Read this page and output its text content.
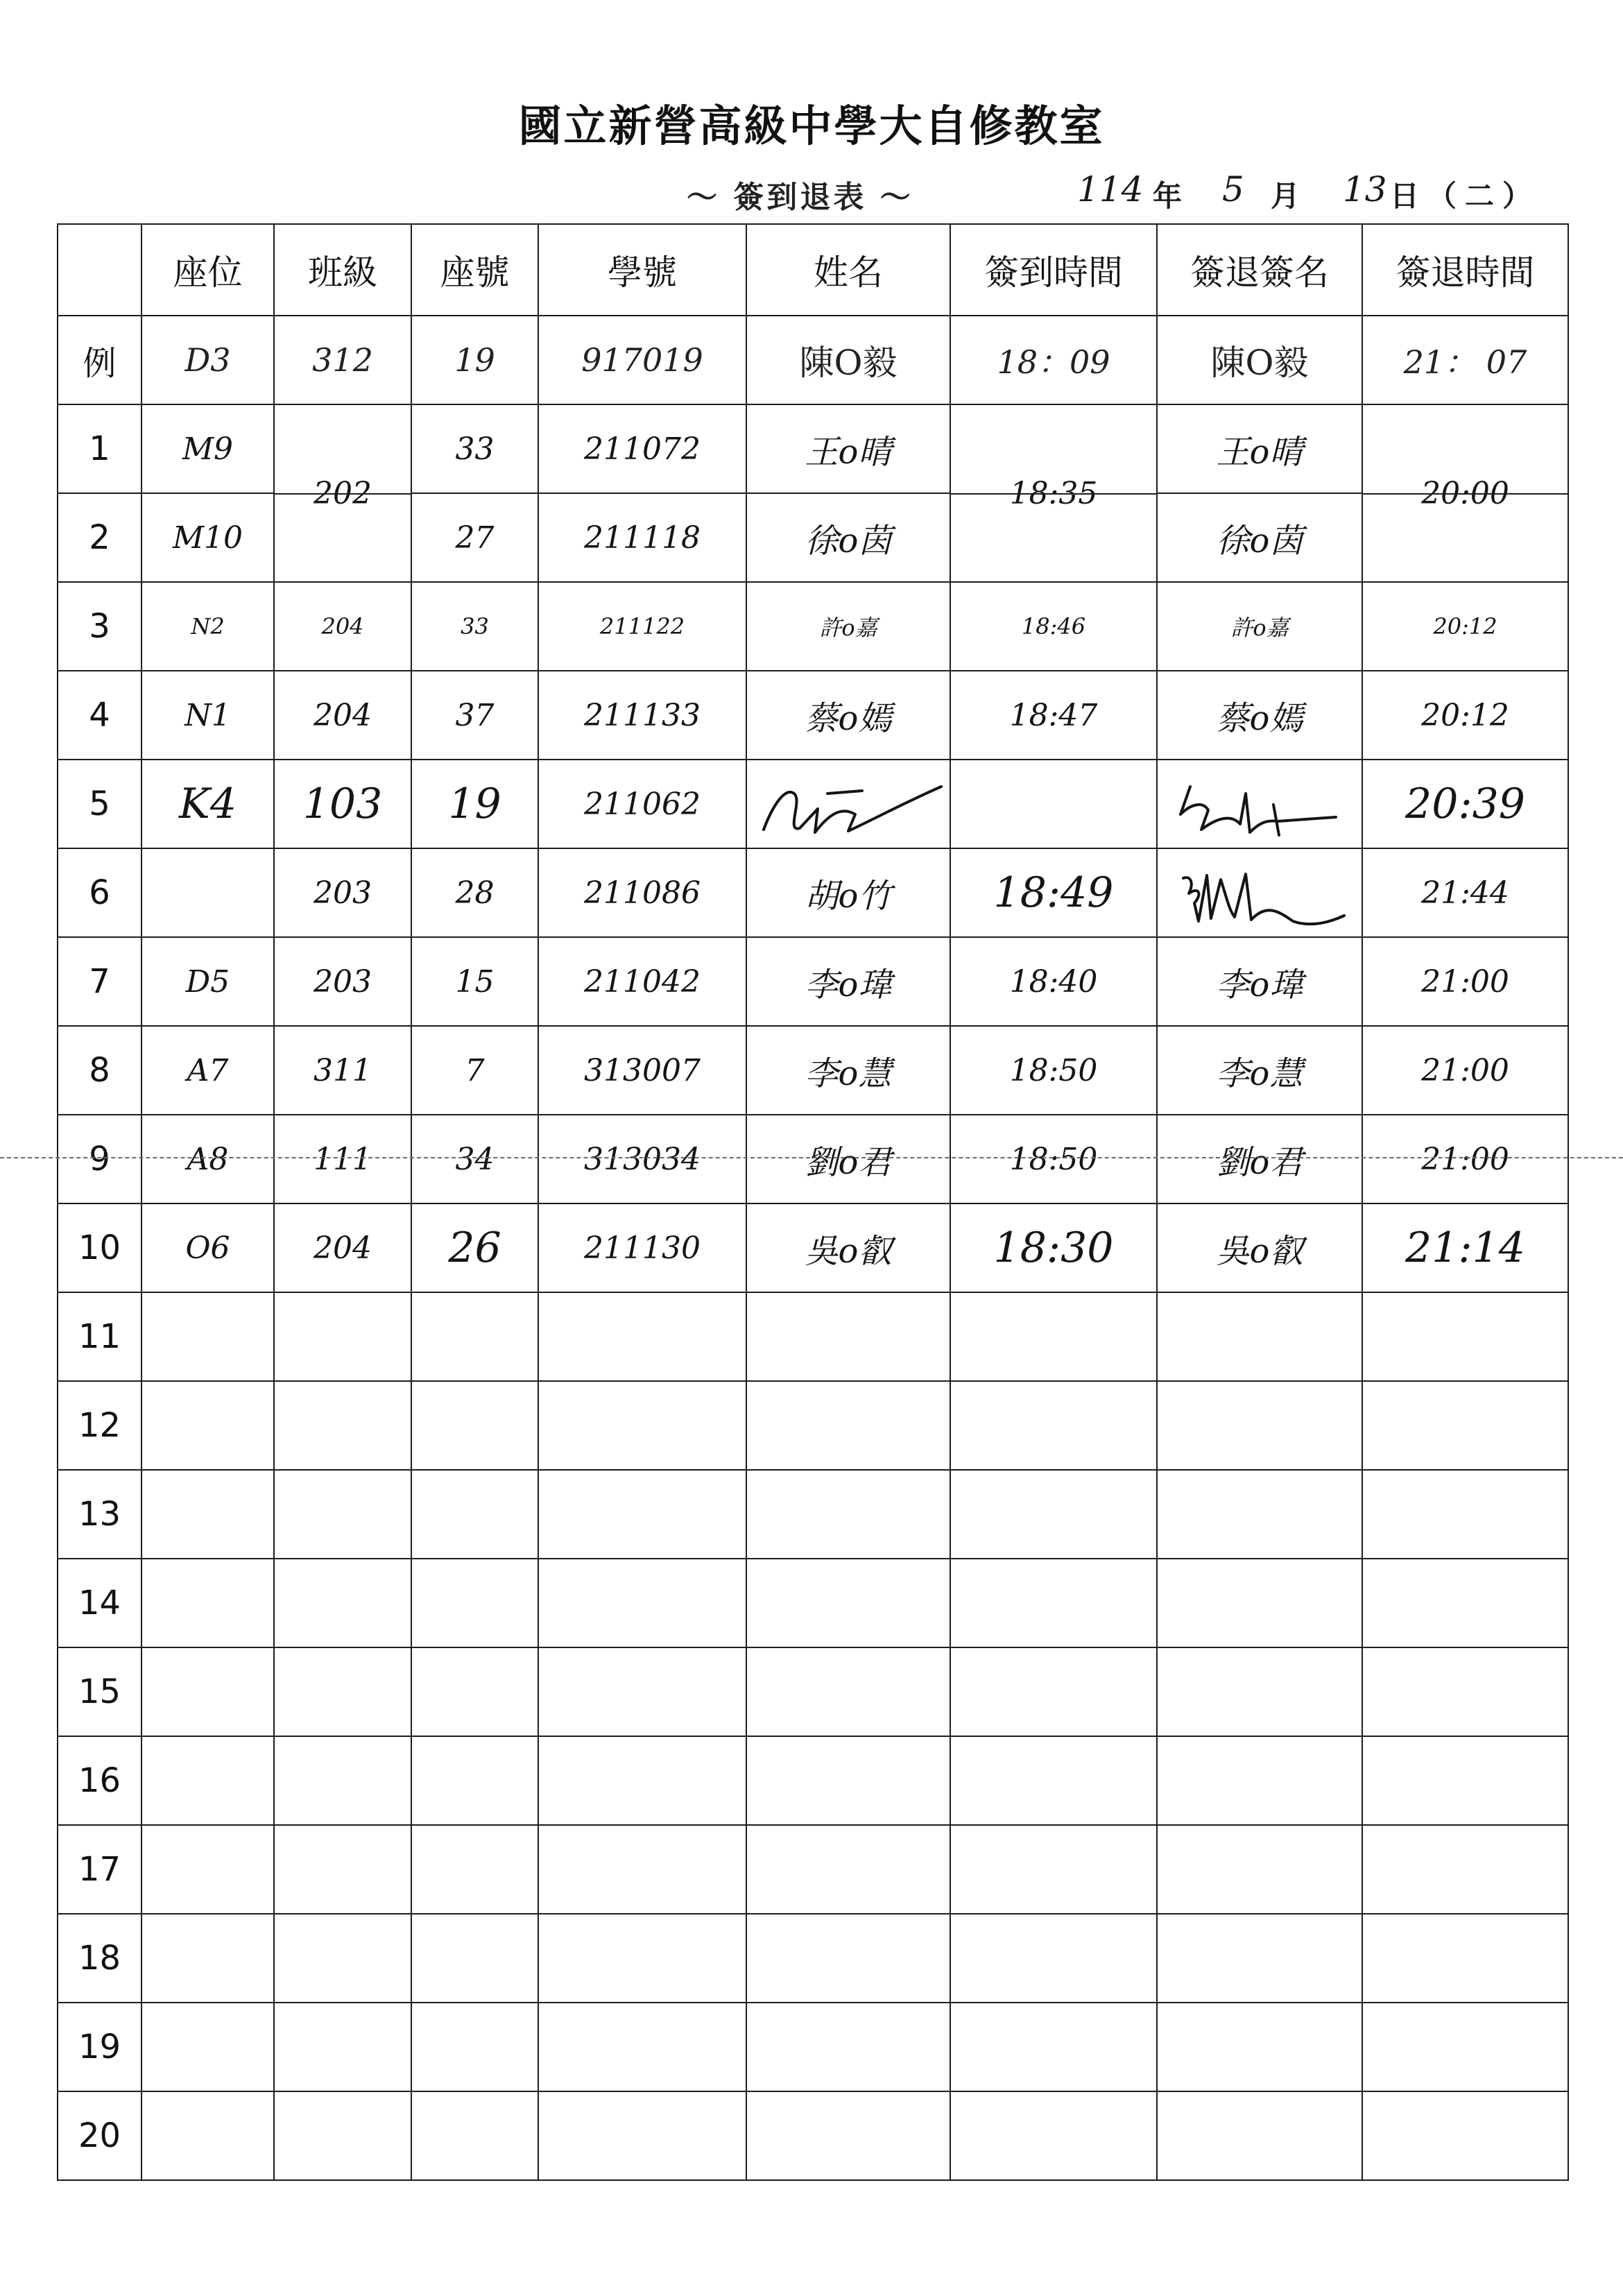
國立新營高級中學大自修教室
～ 簽到退表 ～	114 年 5 月 13 日 （二）
	座位	班級	座號	學號	姓名	簽到時間	簽退簽名	簽退時間
例	D3	312	19	917019	陳O毅	18：09	陳O毅	21： 07
1	M9	202	33	211072	王o晴	18:35	王o晴	20:00
2	M10		27	211118	徐o茵		徐o茵	
3	N2	204	33	211122	許o嘉	18:46	許o嘉	20:12
4	N1	204	37	211133	蔡o嫣	18:47	蔡o嫣	20:12
5	K4	103	19	211062				20:39
6		203	28	211086	胡o竹	18:49		21:44
7	D5	203	15	211042	李o瑋	18:40	李o瑋	21:00
8	A7	311	7	313007	李o慧	18:50	李o慧	21:00
9	A8	111	34	313034	劉o君	18:50	劉o君	21:00
10	O6	204	26	211130	吳o叡	18:30	吳o叡	21:14
11								
12								
13								
14								
15								
16								
17								
18								
19								
20								
